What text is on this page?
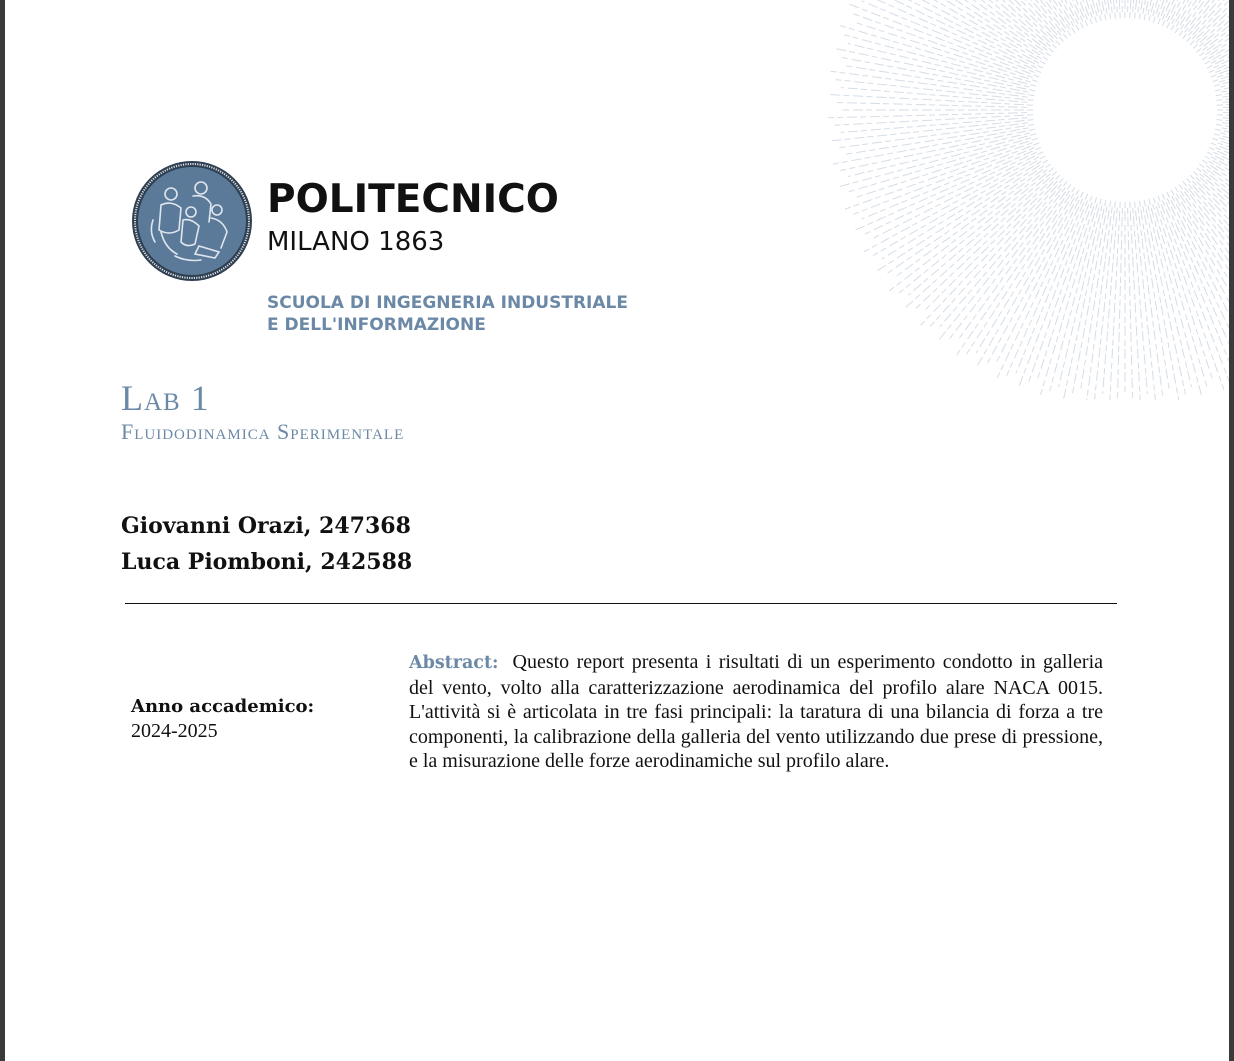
POLITECNICO
MILANO 1863
SCUOLA DI INGEGNERIA INDUSTRIALE
E DELL'INFORMAZIONE
Lab 1
Fluidodinamica Sperimentale
Giovanni Orazi, 247368
Luca Piomboni, 242588
Anno accademico:
2024-2025
Abstract: Questo report presenta i risultati di un esperimento condotto in galleria del vento, volto alla caratterizzazione aerodinamica del profilo alare NACA 0015. L'attività si è articolata in tre fasi principali: la taratura di una bilancia di forza a tre componenti, la calibrazione della galleria del vento utilizzando due prese di pressione, e la misurazione delle forze aerodinamiche sul profilo alare.
